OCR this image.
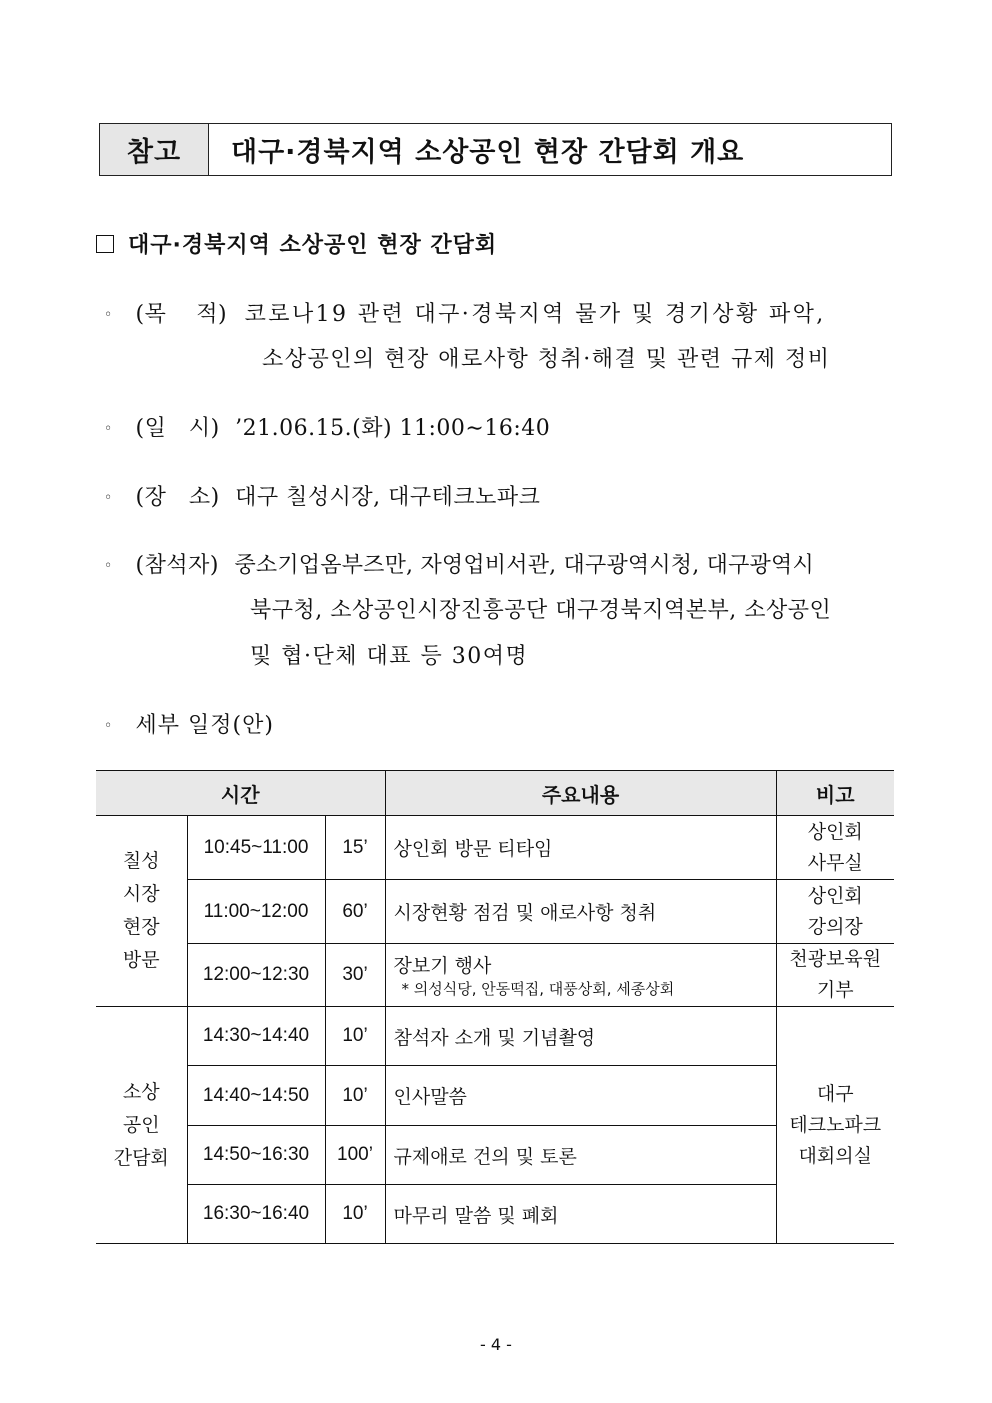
참고	대구·경북지역 소상공인 현장 간담회 개요
대구·경북지역 소상공인 현장 간담회
◦ (목    적) 코로나19 관련 대구·경북지역 물가 및 경기상황 파악,
소상공인의 현장 애로사항 청취·해결 및 관련 규제 정비
◦ (일   시) ’21.06.15.(화) 11:00∼16:40
◦ (장   소) 대구 칠성시장, 대구테크노파크
◦ (참석자) 중소기업옴부즈만, 자영업비서관, 대구광역시청, 대구광역시
북구청, 소상공인시장진흥공단 대구경북지역본부, 소상공인
및 협·단체 대표 등 30여명
◦ 세부 일정(안)
시간			주요내용	비고
칠성
시장
현장
방문	10:45~11:00	15’	상인회 방문 티타임	상인회
사무실
	11:00~12:00	60’	시장현황 점검 및 애로사항 청취	상인회
강의장
	12:00~12:30	30’	장보기 행사
* 의성식당, 안동떡집, 대풍상회, 세종상회	천광보육원
기부
소상
공인
간담회	14:30~14:40	10’	참석자 소개 및 기념촬영	대구
테크노파크
대회의실
	14:40~14:50	10’	인사말씀	
	14:50~16:30	100’	규제애로 건의 및 토론	
	16:30~16:40	10’	마무리 말씀 및 폐회	
- 4 -
